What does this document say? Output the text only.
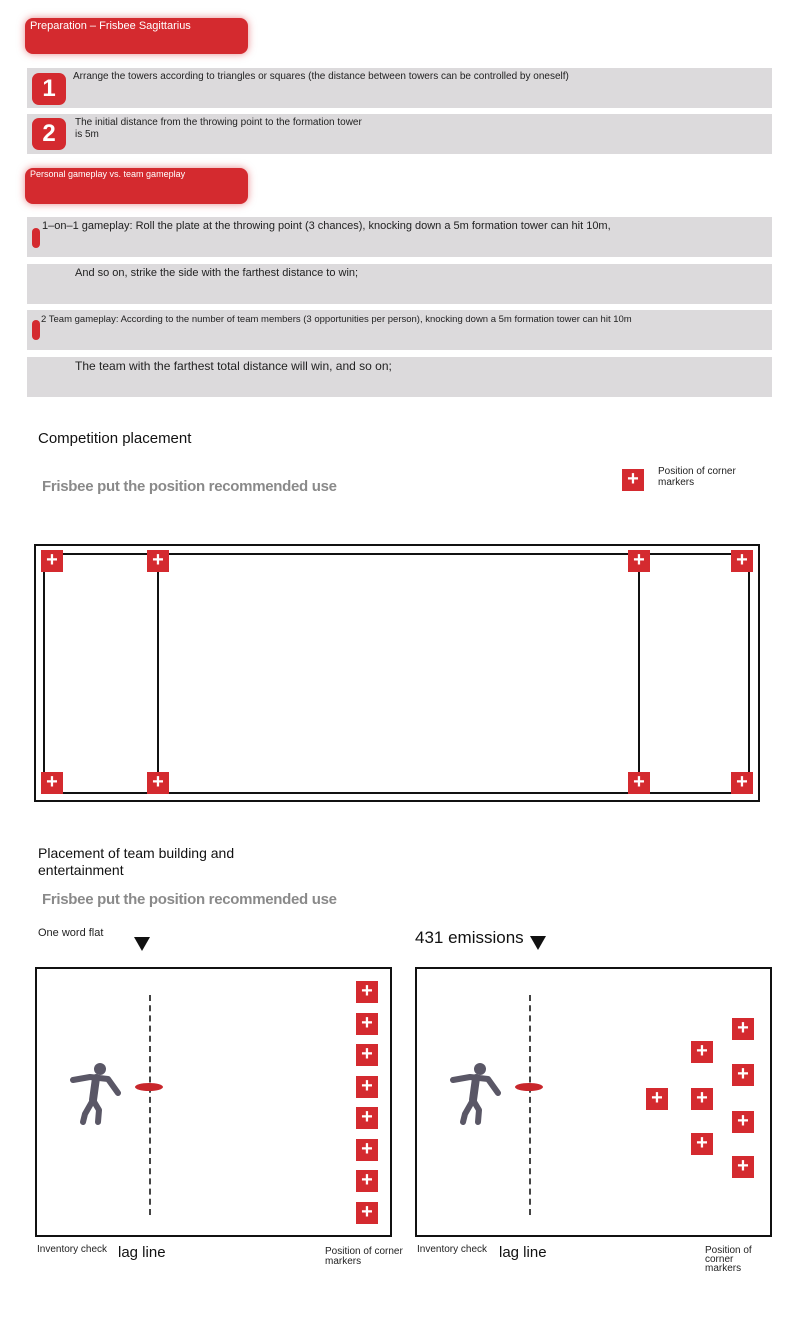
Preparation – Frisbee Sagittarius
1	Arrange the towers according to triangles or squares (the distance between towers can be controlled by oneself)
2	The initial distance from the throwing point to the formation tower
is 5m
Personal gameplay vs. team gameplay
1–on–1 gameplay: Roll the plate at the throwing point (3 chances), knocking down a 5m formation tower can hit 10m,
And so on, strike the side with the farthest distance to win;
2 Team gameplay: According to the number of team members (3 opportunities per person), knocking down a 5m formation tower can hit 10m
The team with the farthest total distance will win, and so on;
Competition placement
Frisbee put the position recommended use	+	Position of corner
markers
+	+	+	+
+	+	+	+
Placement of team building and
entertainment
Frisbee put the position recommended use
One word flat	431 emissions
+
+
+
+
+
+
+
+
+
+
+
+
+
+
+
+
Inventory check lag line	Position of corner
markers
Inventory check lag line	Position of
corner
markers
